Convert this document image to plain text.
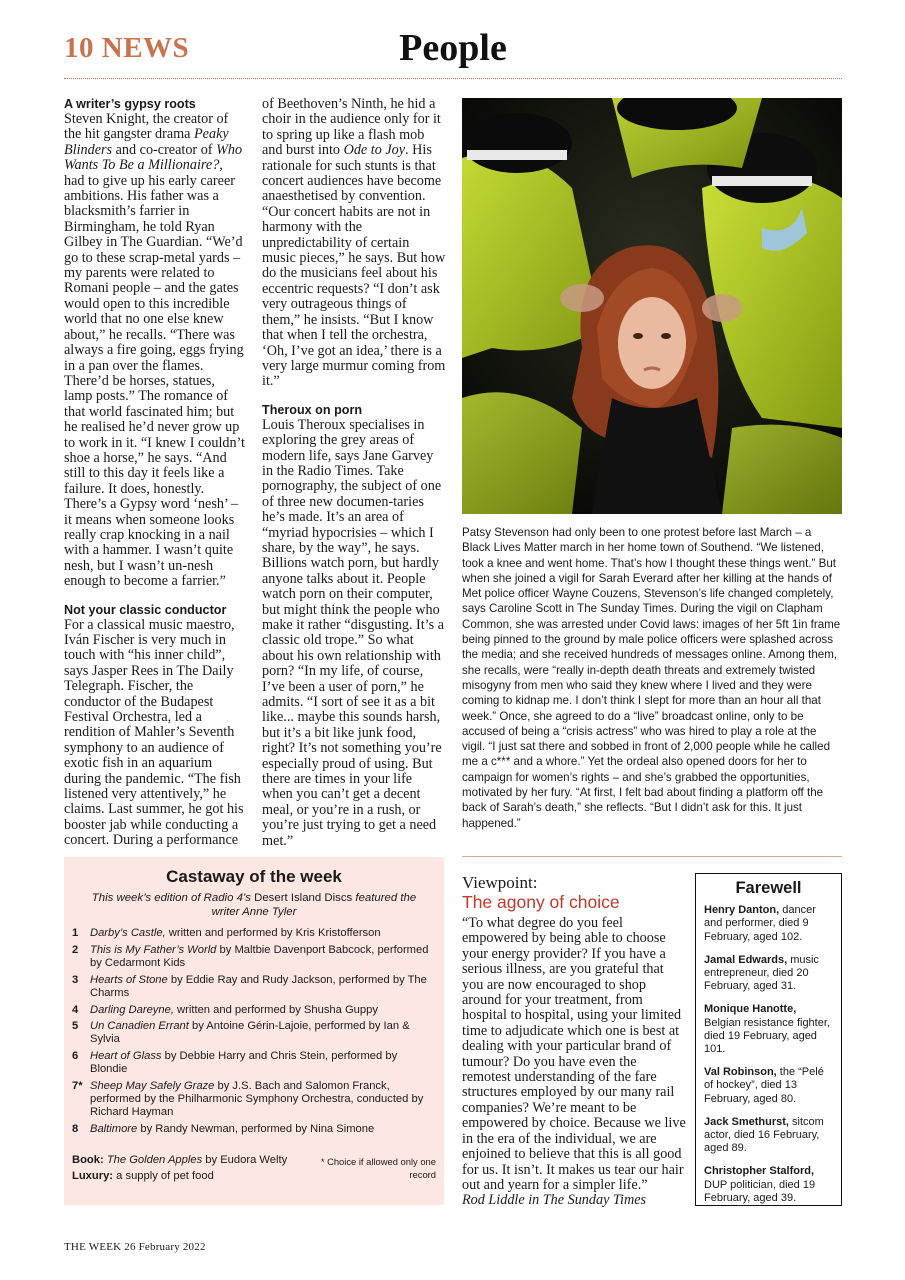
10 NEWS	People

A writer’s gypsy roots
Steven Knight, the creator of the hit gangster drama Peaky Blinders and co-creator of Who Wants To Be a Millionaire?, had to give up his early career ambitions. His father was a blacksmith’s farrier in Birmingham, he told Ryan Gilbey in The Guardian. “We’d go to these scrap-metal yards – my parents were related to Romani people – and the gates would open to this incredible world that no one else knew about,” he recalls. “There was always a fire going, eggs frying in a pan over the flames. There’d be horses, statues, lamp posts.” The romance of that world fascinated him; but he realised he’d never grow up to work in it. “I knew I couldn’t shoe a horse,” he says. “And still to this day it feels like a failure. It does, honestly. There’s a Gypsy word ‘nesh’ – it means when someone looks really crap knocking in a nail with a hammer. I wasn’t quite nesh, but I wasn’t un-nesh enough to become a farrier.”

Not your classic conductor
For a classical music maestro, Iván Fischer is very much in touch with “his inner child”, says Jasper Rees in The Daily Telegraph. Fischer, the conductor of the Budapest Festival Orchestra, led a rendition of Mahler’s Seventh symphony to an audience of exotic fish in an aquarium during the pandemic. “The fish listened very attentively,” he claims. Last summer, he got his booster jab while conducting a concert. During a performance

of Beethoven’s Ninth, he hid a choir in the audience only for it to spring up like a flash mob and burst into Ode to Joy. His rationale for such stunts is that concert audiences have become anaesthetised by convention. “Our concert habits are not in harmony with the unpredictability of certain music pieces,” he says. But how do the musicians feel about his eccentric requests? “I don’t ask very outrageous things of them,” he insists. “But I know that when I tell the orchestra, ‘Oh, I’ve got an idea,’ there is a very large murmur coming from it.”

Theroux on porn
Louis Theroux specialises in exploring the grey areas of modern life, says Jane Garvey in the Radio Times. Take pornography, the subject of one of three new documen-taries he’s made. It’s an area of “myriad hypocrisies – which I share, by the way”, he says. Billions watch porn, but hardly anyone talks about it. People watch porn on their computer, but might think the people who make it rather “disgusting. It’s a classic old trope.” So what about his own relationship with porn? “In my life, of course, I’ve been a user of porn,” he admits. “I sort of see it as a bit like... maybe this sounds harsh, but it’s a bit like junk food, right? It’s not something you’re especially proud of using. But there are times in your life when you can’t get a decent meal, or you’re in a rush, or you’re just trying to get a need met.”

Patsy Stevenson had only been to one protest before last March – a Black Lives Matter march in her home town of Southend. “We listened, took a knee and went home. That’s how I thought these things went.” But when she joined a vigil for Sarah Everard after her killing at the hands of Met police officer Wayne Couzens, Stevenson’s life changed completely, says Caroline Scott in The Sunday Times. During the vigil on Clapham Common, she was arrested under Covid laws: images of her 5ft 1in frame being pinned to the ground by male police officers were splashed across the media; and she received hundreds of messages online. Among them, she recalls, were “really in-depth death threats and extremely twisted misogyny from men who said they knew where I lived and they were coming to kidnap me. I don’t think I slept for more than an hour all that week.” Once, she agreed to do a “live” broadcast online, only to be accused of being a “crisis actress” who was hired to play a role at the vigil. “I just sat there and sobbed in front of 2,000 people while he called me a c*** and a whore.” Yet the ordeal also opened doors for her to campaign for women’s rights – and she’s grabbed the opportunities, motivated by her fury. “At first, I felt bad about finding a platform off the back of Sarah’s death,” she reflects. “But I didn’t ask for this. It just happened.”
Castaway of the week
This week’s edition of Radio 4’s Desert Island Discs featured the writer Anne Tyler
1	Darby’s Castle, written and performed by Kris Kristofferson
2	This is My Father’s World by Maltbie Davenport Babcock, performed by Cedarmont Kids
3	Hearts of Stone by Eddie Ray and Rudy Jackson, performed by The Charms
4	Darling Dareyne, written and performed by Shusha Guppy
5	Un Canadien Errant by Antoine Gérin-Lajoie, performed by Ian & Sylvia
6	Heart of Glass by Debbie Harry and Chris Stein, performed by Blondie
7* Sheep May Safely Graze by J.S. Bach and Salomon Franck, performed by the Philharmonic Symphony Orchestra, conducted by Richard Hayman
8	Baltimore by Randy Newman, performed by Nina Simone
Book: The Golden Apples by Eudora Welty
Luxury: a supply of pet food
* Choice if allowed only one record
Viewpoint:
The agony of choice
“To what degree do you feel empowered by being able to choose your energy provider? If you have a serious illness, are you grateful that you are now encouraged to shop around for your treatment, from hospital to hospital, using your limited time to adjudicate which one is best at dealing with your particular brand of tumour? Do you have even the remotest understanding of the fare structures employed by our many rail companies? We’re meant to be empowered by choice. Because we live in the era of the individual, we are enjoined to believe that this is all good for us. It isn’t. It makes us tear our hair out and yearn for a simpler life.”
Rod Liddle in The Sunday Times
Farewell
Henry Danton, dancer and performer, died 9 February, aged 102.
Jamal Edwards, music entrepreneur, died 20 February, aged 31.
Monique Hanotte, Belgian resistance fighter, died 19 February, aged 101.
Val Robinson, the “Pelé of hockey”, died 13 February, aged 80.
Jack Smethurst, sitcom actor, died 16 February, aged 89.
Christopher Stalford, DUP politician, died 19 February, aged 39.
THE WEEK 26 February 2022
